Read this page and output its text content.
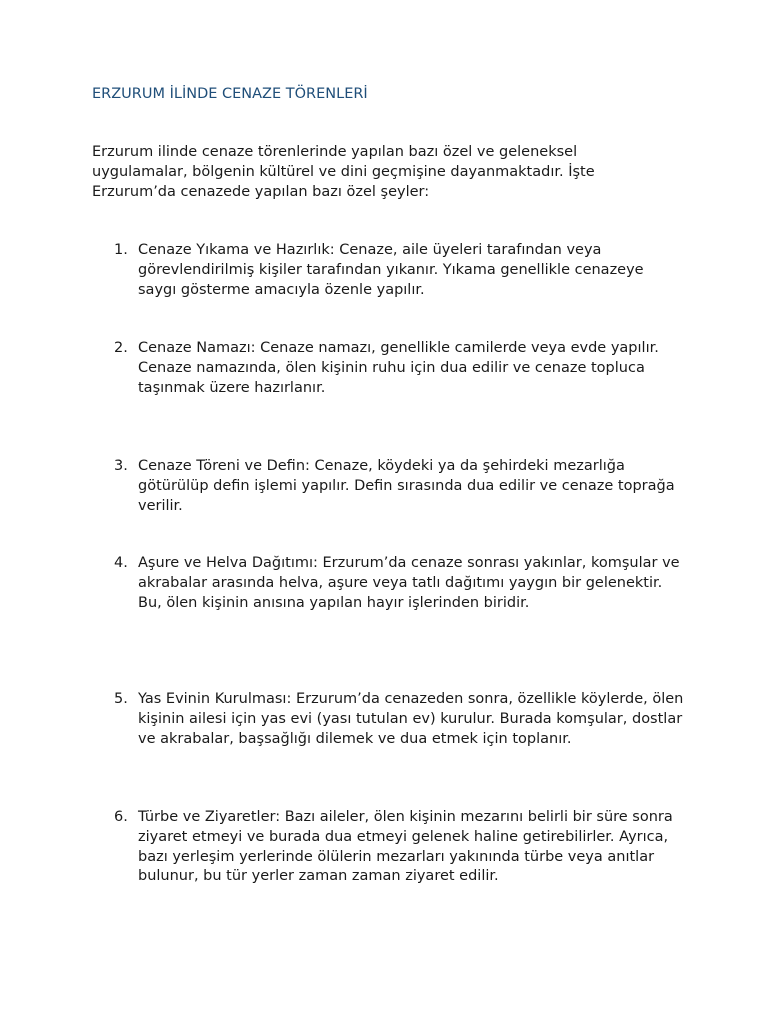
ERZURUM İLİNDE CENAZE TÖRENLERİ
Erzurum ilinde cenaze törenlerinde yapılan bazı özel ve geleneksel uygulamalar, bölgenin kültürel ve dini geçmişine dayanmaktadır. İşte Erzurum’da cenazede yapılan bazı özel şeyler:
1. Cenaze Yıkama ve Hazırlık: Cenaze, aile üyeleri tarafından veya görevlendirilmiş kişiler tarafından yıkanır. Yıkama genellikle cenazeye saygı gösterme amacıyla özenle yapılır.
2. Cenaze Namazı: Cenaze namazı, genellikle camilerde veya evde yapılır. Cenaze namazında, ölen kişinin ruhu için dua edilir ve cenaze topluca taşınmak üzere hazırlanır.
3. Cenaze Töreni ve Defin: Cenaze, köydeki ya da şehirdeki mezarlığa götürülüp defin işlemi yapılır. Defin sırasında dua edilir ve cenaze toprağa verilir.
4. Aşure ve Helva Dağıtımı: Erzurum’da cenaze sonrası yakınlar, komşular ve akrabalar arasında helva, aşure veya tatlı dağıtımı yaygın bir gelenektir. Bu, ölen kişinin anısına yapılan hayır işlerinden biridir.
5. Yas Evinin Kurulması: Erzurum’da cenazeden sonra, özellikle köylerde, ölen kişinin ailesi için yas evi (yası tutulan ev) kurulur. Burada komşular, dostlar ve akrabalar, başsağlığı dilemek ve dua etmek için toplanır.
6. Türbe ve Ziyaretler: Bazı aileler, ölen kişinin mezarını belirli bir süre sonra ziyaret etmeyi ve burada dua etmeyi gelenek haline getirebilirler. Ayrıca, bazı yerleşim yerlerinde ölülerin mezarları yakınında türbe veya anıtlar bulunur, bu tür yerler zaman zaman ziyaret edilir.
